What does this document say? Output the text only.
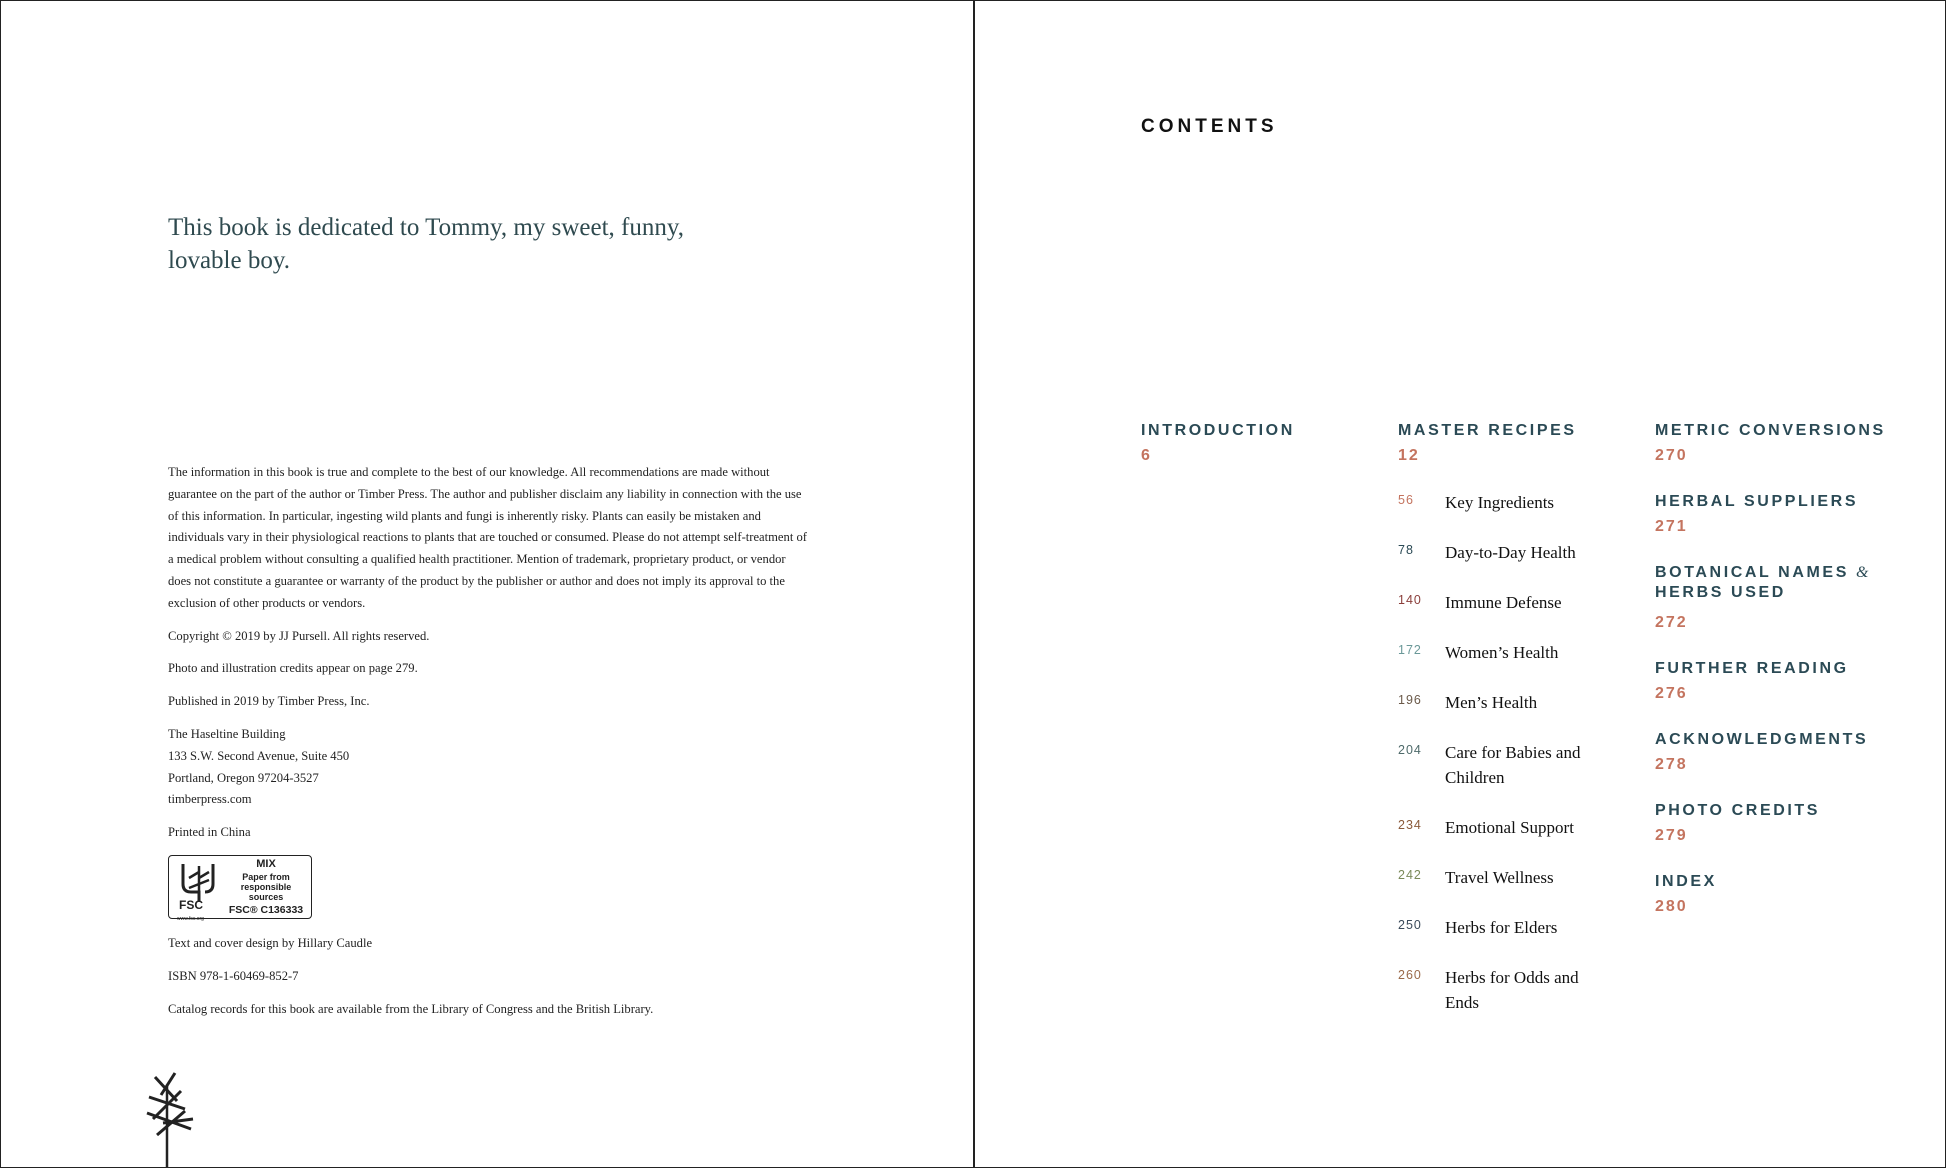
This book is dedicated to Tommy, my sweet, funny, lovable boy.

The information in this book is true and complete to the best of our knowledge. All recommendations are made without guarantee on the part of the author or Timber Press. The author and publisher disclaim any liability in connection with the use of this information. In particular, ingesting wild plants and fungi is inherently risky. Plants can easily be mistaken and individuals vary in their physiological reactions to plants that are touched or consumed. Please do not attempt self-treatment of a medical problem without consulting a qualified health practitioner. Mention of trademark, proprietary product, or vendor does not constitute a guarantee or warranty of the product by the publisher or author and does not imply its approval to the exclusion of other products or vendors.

Copyright © 2019 by JJ Pursell. All rights reserved.

Photo and illustration credits appear on page 279.

Published in 2019 by Timber Press, Inc.

The Haseltine Building
133 S.W. Second Avenue, Suite 450
Portland, Oregon 97204-3527
timberpress.com

Printed in China

FSC
www.fsc.org
MIX
Paper from
responsible sources
FSC® C136333

Text and cover design by Hillary Caudle

ISBN 978-1-60469-852-7

Catalog records for this book are available from the Library of Congress and the British Library.

CONTENTS
INTRODUCTION
6
MASTER RECIPES
12
56	Key Ingredients
78	Day-to-Day Health
140	Immune Defense
172	Women’s Health
196	Men’s Health
204	Care for Babies and Children
234	Emotional Support
242	Travel Wellness
250	Herbs for Elders
260	Herbs for Odds and Ends
METRIC CONVERSIONS
270
HERBAL SUPPLIERS
271
BOTANICAL NAMES &
HERBS USED
272
FURTHER READING
276
ACKNOWLEDGMENTS
278
PHOTO CREDITS
279
INDEX
280
